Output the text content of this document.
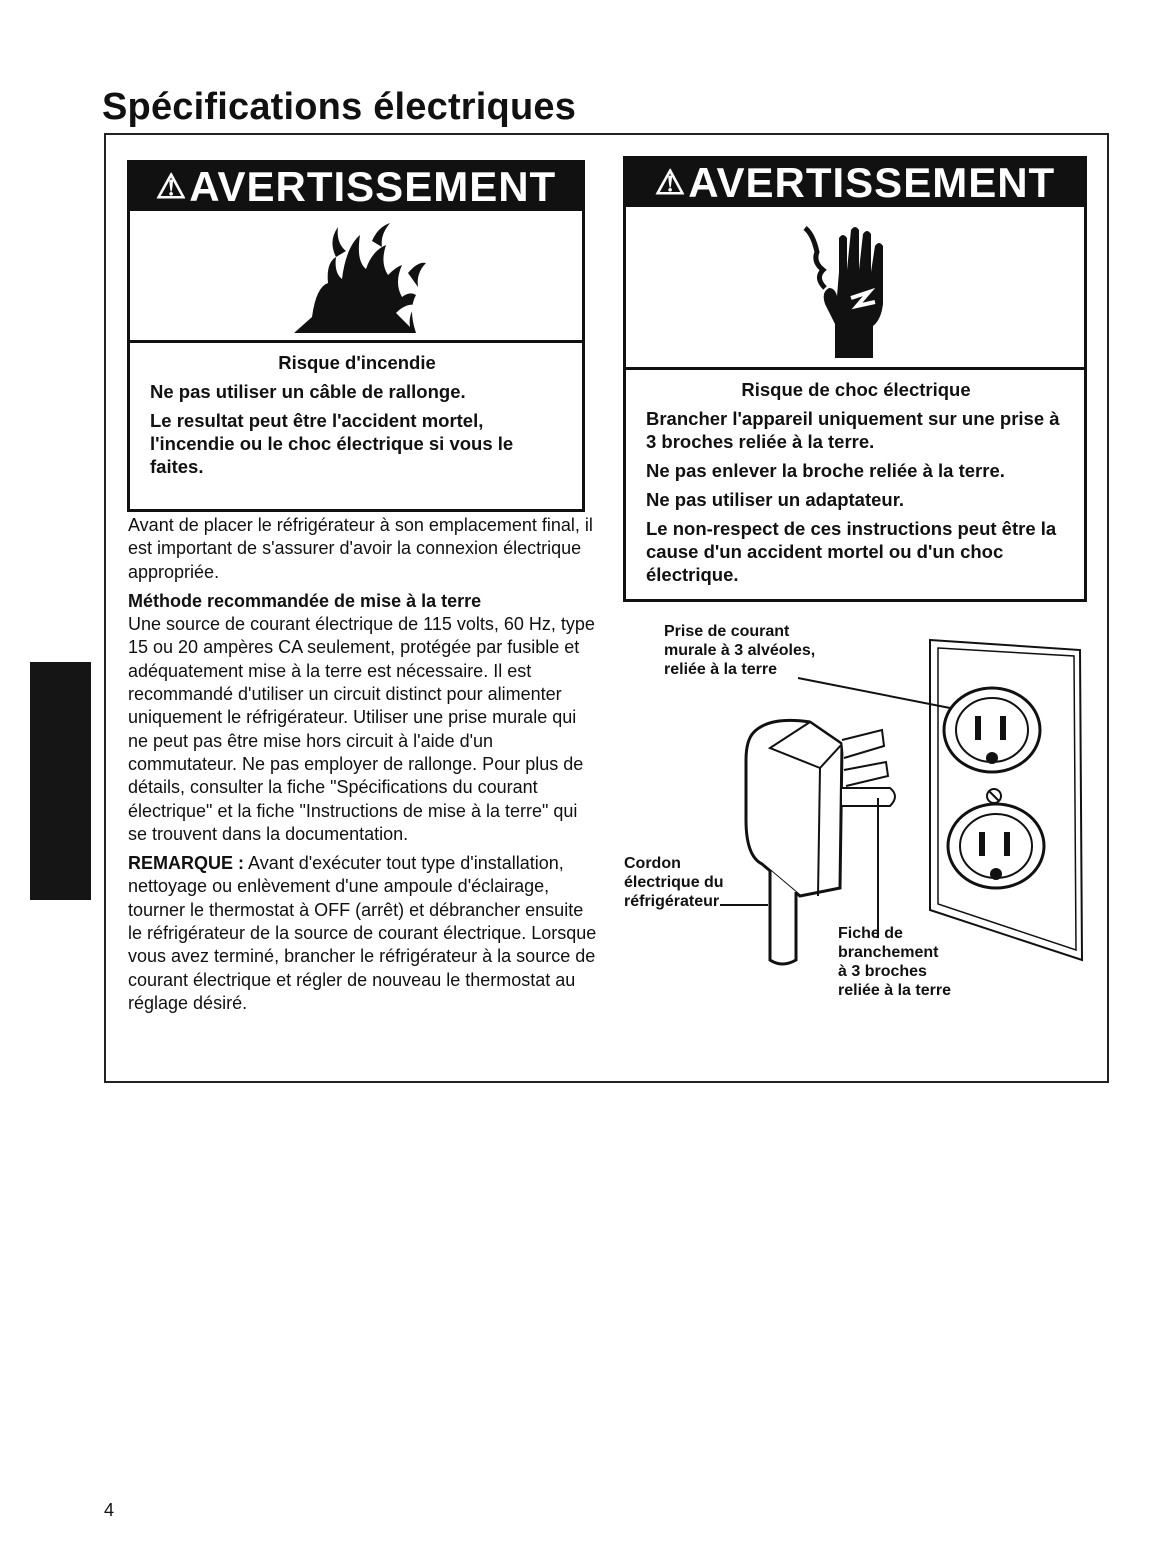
Spécifications électriques
⚠ AVERTISSEMENT
Risque d'incendie

Ne pas utiliser un câble de rallonge.

Le resultat peut être l'accident mortel, l'incendie ou le choc électrique si vous le faites.

⚠ AVERTISSEMENT
Risque de choc électrique

Brancher l'appareil uniquement sur une prise à 3 broches reliée à la terre.

Ne pas enlever la broche reliée à la terre.

Ne pas utiliser un adaptateur.

Le non-respect de ces instructions peut être la cause d'un accident mortel ou d'un choc électrique.

Avant de placer le réfrigérateur à son emplacement final, il est important de s'assurer d'avoir la connexion électrique appropriée.

Méthode recommandée de mise à la terre

Une source de courant électrique de 115 volts, 60 Hz, type 15 ou 20 ampères CA seulement, protégée par fusible et adéquatement mise à la terre est nécessaire. Il est recommandé d'utiliser un circuit distinct pour alimenter uniquement le réfrigérateur. Utiliser une prise murale qui ne peut pas être mise hors circuit à l'aide d'un commutateur. Ne pas employer de rallonge. Pour plus de détails, consulter la fiche "Spécifications du courant électrique" et la fiche "Instructions de mise à la terre" qui se trouvent dans la documentation.

REMARQUE : Avant d'exécuter tout type d'installation, nettoyage ou enlèvement d'une ampoule d'éclairage, tourner le thermostat à OFF (arrêt) et débrancher ensuite le réfrigérateur de la source de courant électrique. Lorsque vous avez terminé, brancher le réfrigérateur à la source de courant électrique et régler de nouveau le thermostat au réglage désiré.

Prise de courant
murale à 3 alvéoles,
reliée à la terre
Cordon
électrique du
réfrigérateur
Fiche de
branchement
à 3 broches
reliée à la terre
4
